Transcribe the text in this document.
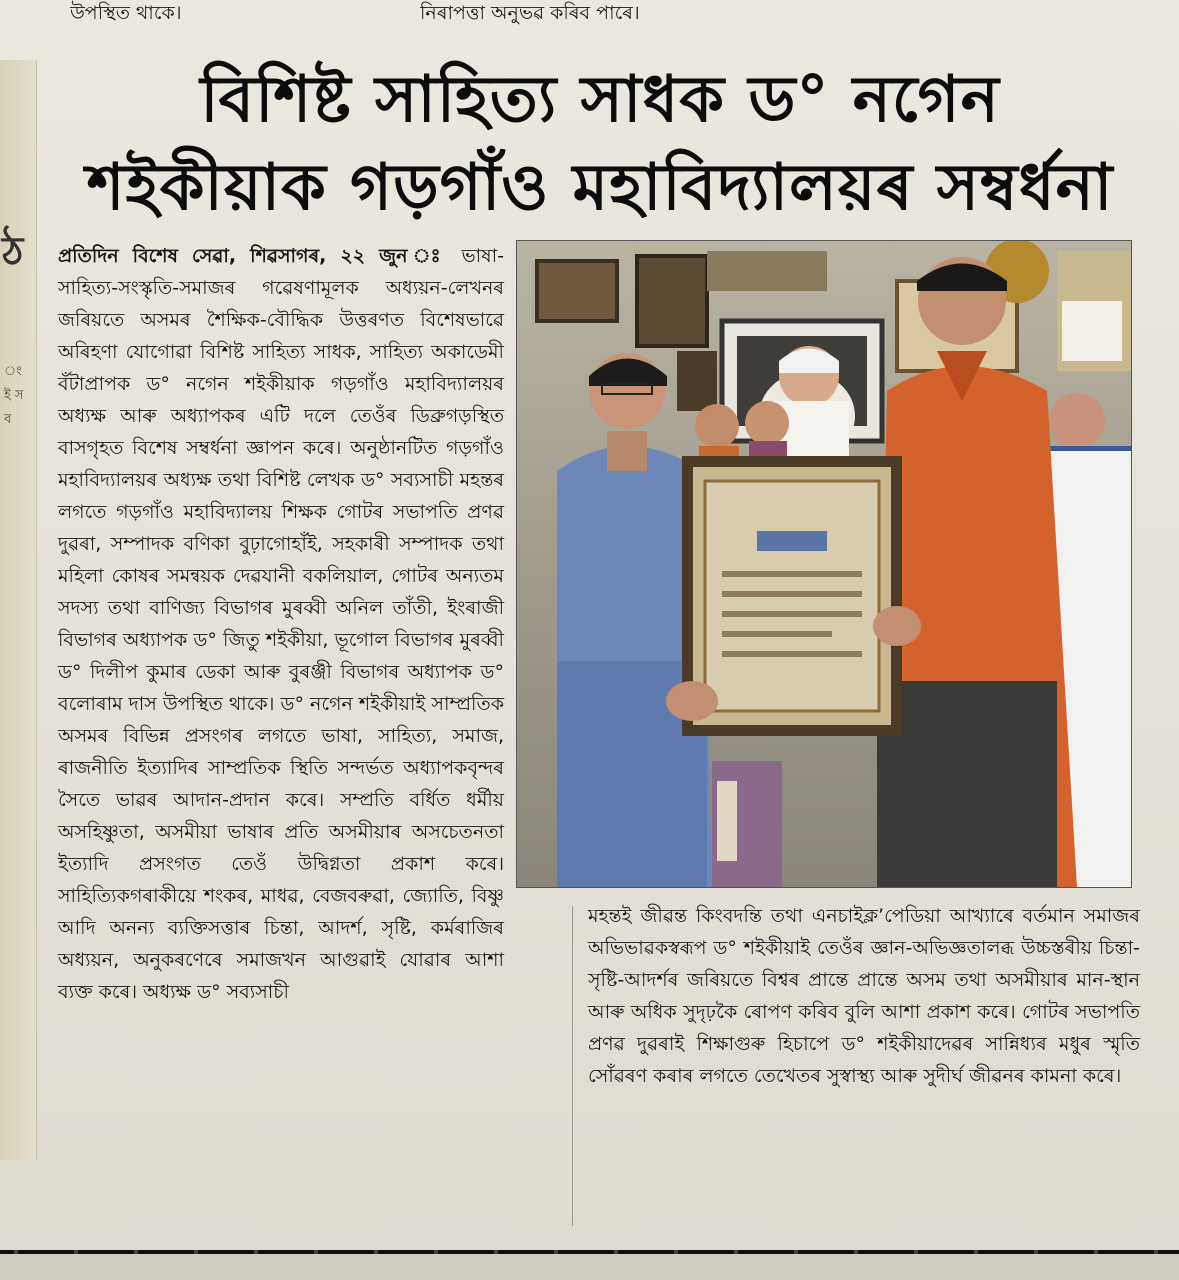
উপস্থিত থাকে।	নিৰাপত্তা অনুভৱ কৰিব পাৰে।
ঠ
ং ই স ব
বিশিষ্ট সাহিত্য সাধক ড° নগেন
শইকীয়াক গড়গাঁও মহাবিদ্যালয়ৰ সম্বৰ্ধনা

প্ৰতিদিন বিশেষ সেৱা, শিৱসাগৰ, ২২ জুন ঃ ভাষা-সাহিত্য-সংস্কৃতি-সমাজৰ গৱেষণামূলক অধ্যয়ন-লেখনৰ জৰিয়তে অসমৰ শৈক্ষিক-বৌদ্ধিক উত্তৰণত বিশেষভাৱে অৰিহণা যোগোৱা বিশিষ্ট সাহিত্য সাধক, সাহিত্য অকাডেমী বঁটাপ্ৰাপক ড° নগেন শইকীয়াক গড়গাঁও মহাবিদ্যালয়ৰ অধ্যক্ষ আৰু অধ্যাপকৰ এটি দলে তেওঁৰ ডিব্ৰুগড়স্থিত বাসগৃহত বিশেষ সম্বৰ্ধনা জ্ঞাপন কৰে। অনুষ্ঠানটিত গড়গাঁও মহাবিদ্যালয়ৰ অধ্যক্ষ তথা বিশিষ্ট লেখক ড° সব্যসাচী মহন্তৰ লগতে গড়গাঁও মহাবিদ্যালয় শিক্ষক গোটৰ সভাপতি প্ৰণৱ দুৱৰা, সম্পাদক বণিকা বুঢ়াগোহাঁই, সহকাৰী সম্পাদক তথা মহিলা কোষৰ সমন্বয়ক দেৱযানী বকলিয়াল, গোটৰ অন্যতম সদস্য তথা বাণিজ্য বিভাগৰ মুৰব্বী অনিল তাঁতী, ইংৰাজী বিভাগৰ অধ্যাপক ড° জিতু শইকীয়া, ভূগোল বিভাগৰ মুৰব্বী ড° দিলীপ কুমাৰ ডেকা আৰু বুৰঞ্জী বিভাগৰ অধ্যাপক ড° বলোৰাম দাস উপস্থিত থাকে। ড° নগেন শইকীয়াই সাম্প্ৰতিক অসমৰ বিভিন্ন প্ৰসংগৰ লগতে ভাষা, সাহিত্য, সমাজ, ৰাজনীতি ইত্যাদিৰ সাম্প্ৰতিক স্থিতি সন্দৰ্ভত অধ্যাপকবৃন্দৰ সৈতে ভাৱৰ আদান-প্ৰদান কৰে। সম্প্ৰতি বৰ্ধিত ধৰ্মীয় অসহিষ্ণুতা, অসমীয়া ভাষাৰ প্ৰতি অসমীয়াৰ অসচেতনতা ইত্যাদি প্ৰসংগত তেওঁ উদ্বিগ্নতা প্ৰকাশ কৰে। সাহিত্যিকগৰাকীয়ে শংকৰ, মাধৱ, বেজবৰুৱা, জ্যোতি, বিষ্ণু আদি অনন্য ব্যক্তিসত্তাৰ চিন্তা, আদৰ্শ, সৃষ্টি, কৰ্মৰাজিৰ অধ্যয়ন, অনুকৰণেৰে সমাজখন আগুৱাই যোৱাৰ আশা ব্যক্ত কৰে। অধ্যক্ষ ড° সব্যসাচী

মহন্তই জীৱন্ত কিংবদন্তি তথা এনচাইক্ল’পেডিয়া আখ্যাৰে বৰ্তমান সমাজৰ অভিভাৱকস্বৰূপ ড° শইকীয়াই তেওঁৰ জ্ঞান-অভিজ্ঞতালব্ধ উচ্চস্তৰীয় চিন্তা-সৃষ্টি-আদৰ্শৰ জৰিয়তে বিশ্বৰ প্ৰান্তে প্ৰান্তে অসম তথা অসমীয়াৰ মান-স্থান আৰু অধিক সুদৃঢ়কৈ ৰোপণ কৰিব বুলি আশা প্ৰকাশ কৰে। গোটৰ সভাপতি প্ৰণৱ দুৱৰাই শিক্ষাগুৰু হিচাপে ড° শইকীয়াদেৱৰ সান্নিধ্যৰ মধুৰ স্মৃতি সোঁৱৰণ কৰাৰ লগতে তেখেতৰ সুস্বাস্থ্য আৰু সুদীৰ্ঘ জীৱনৰ কামনা কৰে।
